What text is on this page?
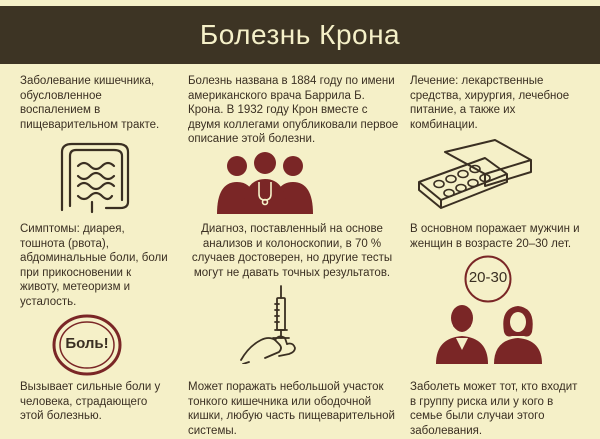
Болезнь Крона

Заболевание кишечника, обусловленное воспалением в пищеварительном тракте.

Болезнь названа в 1884 году по имени американского врача Баррила Б. Крона. В 1932 году Крон вместе с двумя коллегами опубликовали первое описание этой болезни.

Лечение: лекарственные средства, хирургия, лечебное питание, а также их комбинации.

Симптомы: диарея, тошнота (рвота), абдоминальные боли, боли при прикосновении к животу, метеоризм и усталость.

Диагноз, поставленный на основе анализов и колоноскопии, в 70 % случаев достоверен, но другие тесты могут не давать точных результатов.

В основном поражает мужчин и женщин в возрасте 20–30 лет.

Боль!
20-30

Вызывает сильные боли у человека, страдающего этой болезнью.

Может поражать небольшой участок тонкого кишечника или ободочной кишки, любую часть пищеварительной системы.

Заболеть может тот, кто входит в группу риска или у кого в семье были случаи этого заболевания.
